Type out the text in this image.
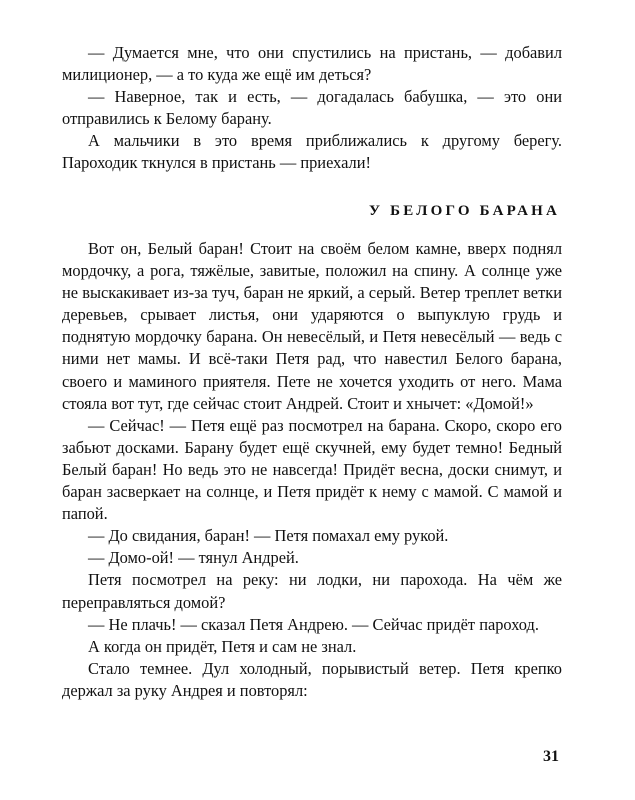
— Думается мне, что они спустились на пристань, — добавил милиционер, — а то куда же ещё им деться?

— Наверное, так и есть, — догадалась бабушка, — это они отправились к Белому барану.

А мальчики в это время приближались к другому берегу. Пароходик ткнулся в пристань — приехали!

У БЕЛОГО БАРАНА

Вот он, Белый баран! Стоит на своём белом камне, вверх поднял мордочку, а рога, тяжёлые, завитые, положил на спину. А солнце уже не выскакивает из-за туч, баран не яркий, а серый. Ветер треплет ветки деревьев, срывает листья, они ударяются о выпуклую грудь и поднятую мордочку барана. Он невесёлый, и Петя невесёлый — ведь с ними нет мамы. И всё-таки Петя рад, что навестил Белого барана, своего и маминого приятеля. Пете не хочется уходить от него. Мама стояла вот тут, где сейчас стоит Андрей. Стоит и хнычет: «Домой!»

— Сейчас! — Петя ещё раз посмотрел на барана. Скоро, скоро его забьют досками. Барану будет ещё скучней, ему будет темно! Бедный Белый баран! Но ведь это не навсегда! Придёт весна, доски снимут, и баран засверкает на солнце, и Петя придёт к нему с мамой. С мамой и папой.

— До свидания, баран! — Петя помахал ему рукой.

— Домо-ой! — тянул Андрей.

Петя посмотрел на реку: ни лодки, ни парохода. На чём же переправляться домой?

— Не плачь! — сказал Петя Андрею. — Сейчас придёт пароход.

А когда он придёт, Петя и сам не знал.

Стало темнее. Дул холодный, порывистый ветер. Петя крепко держал за руку Андрея и повторял:

31
